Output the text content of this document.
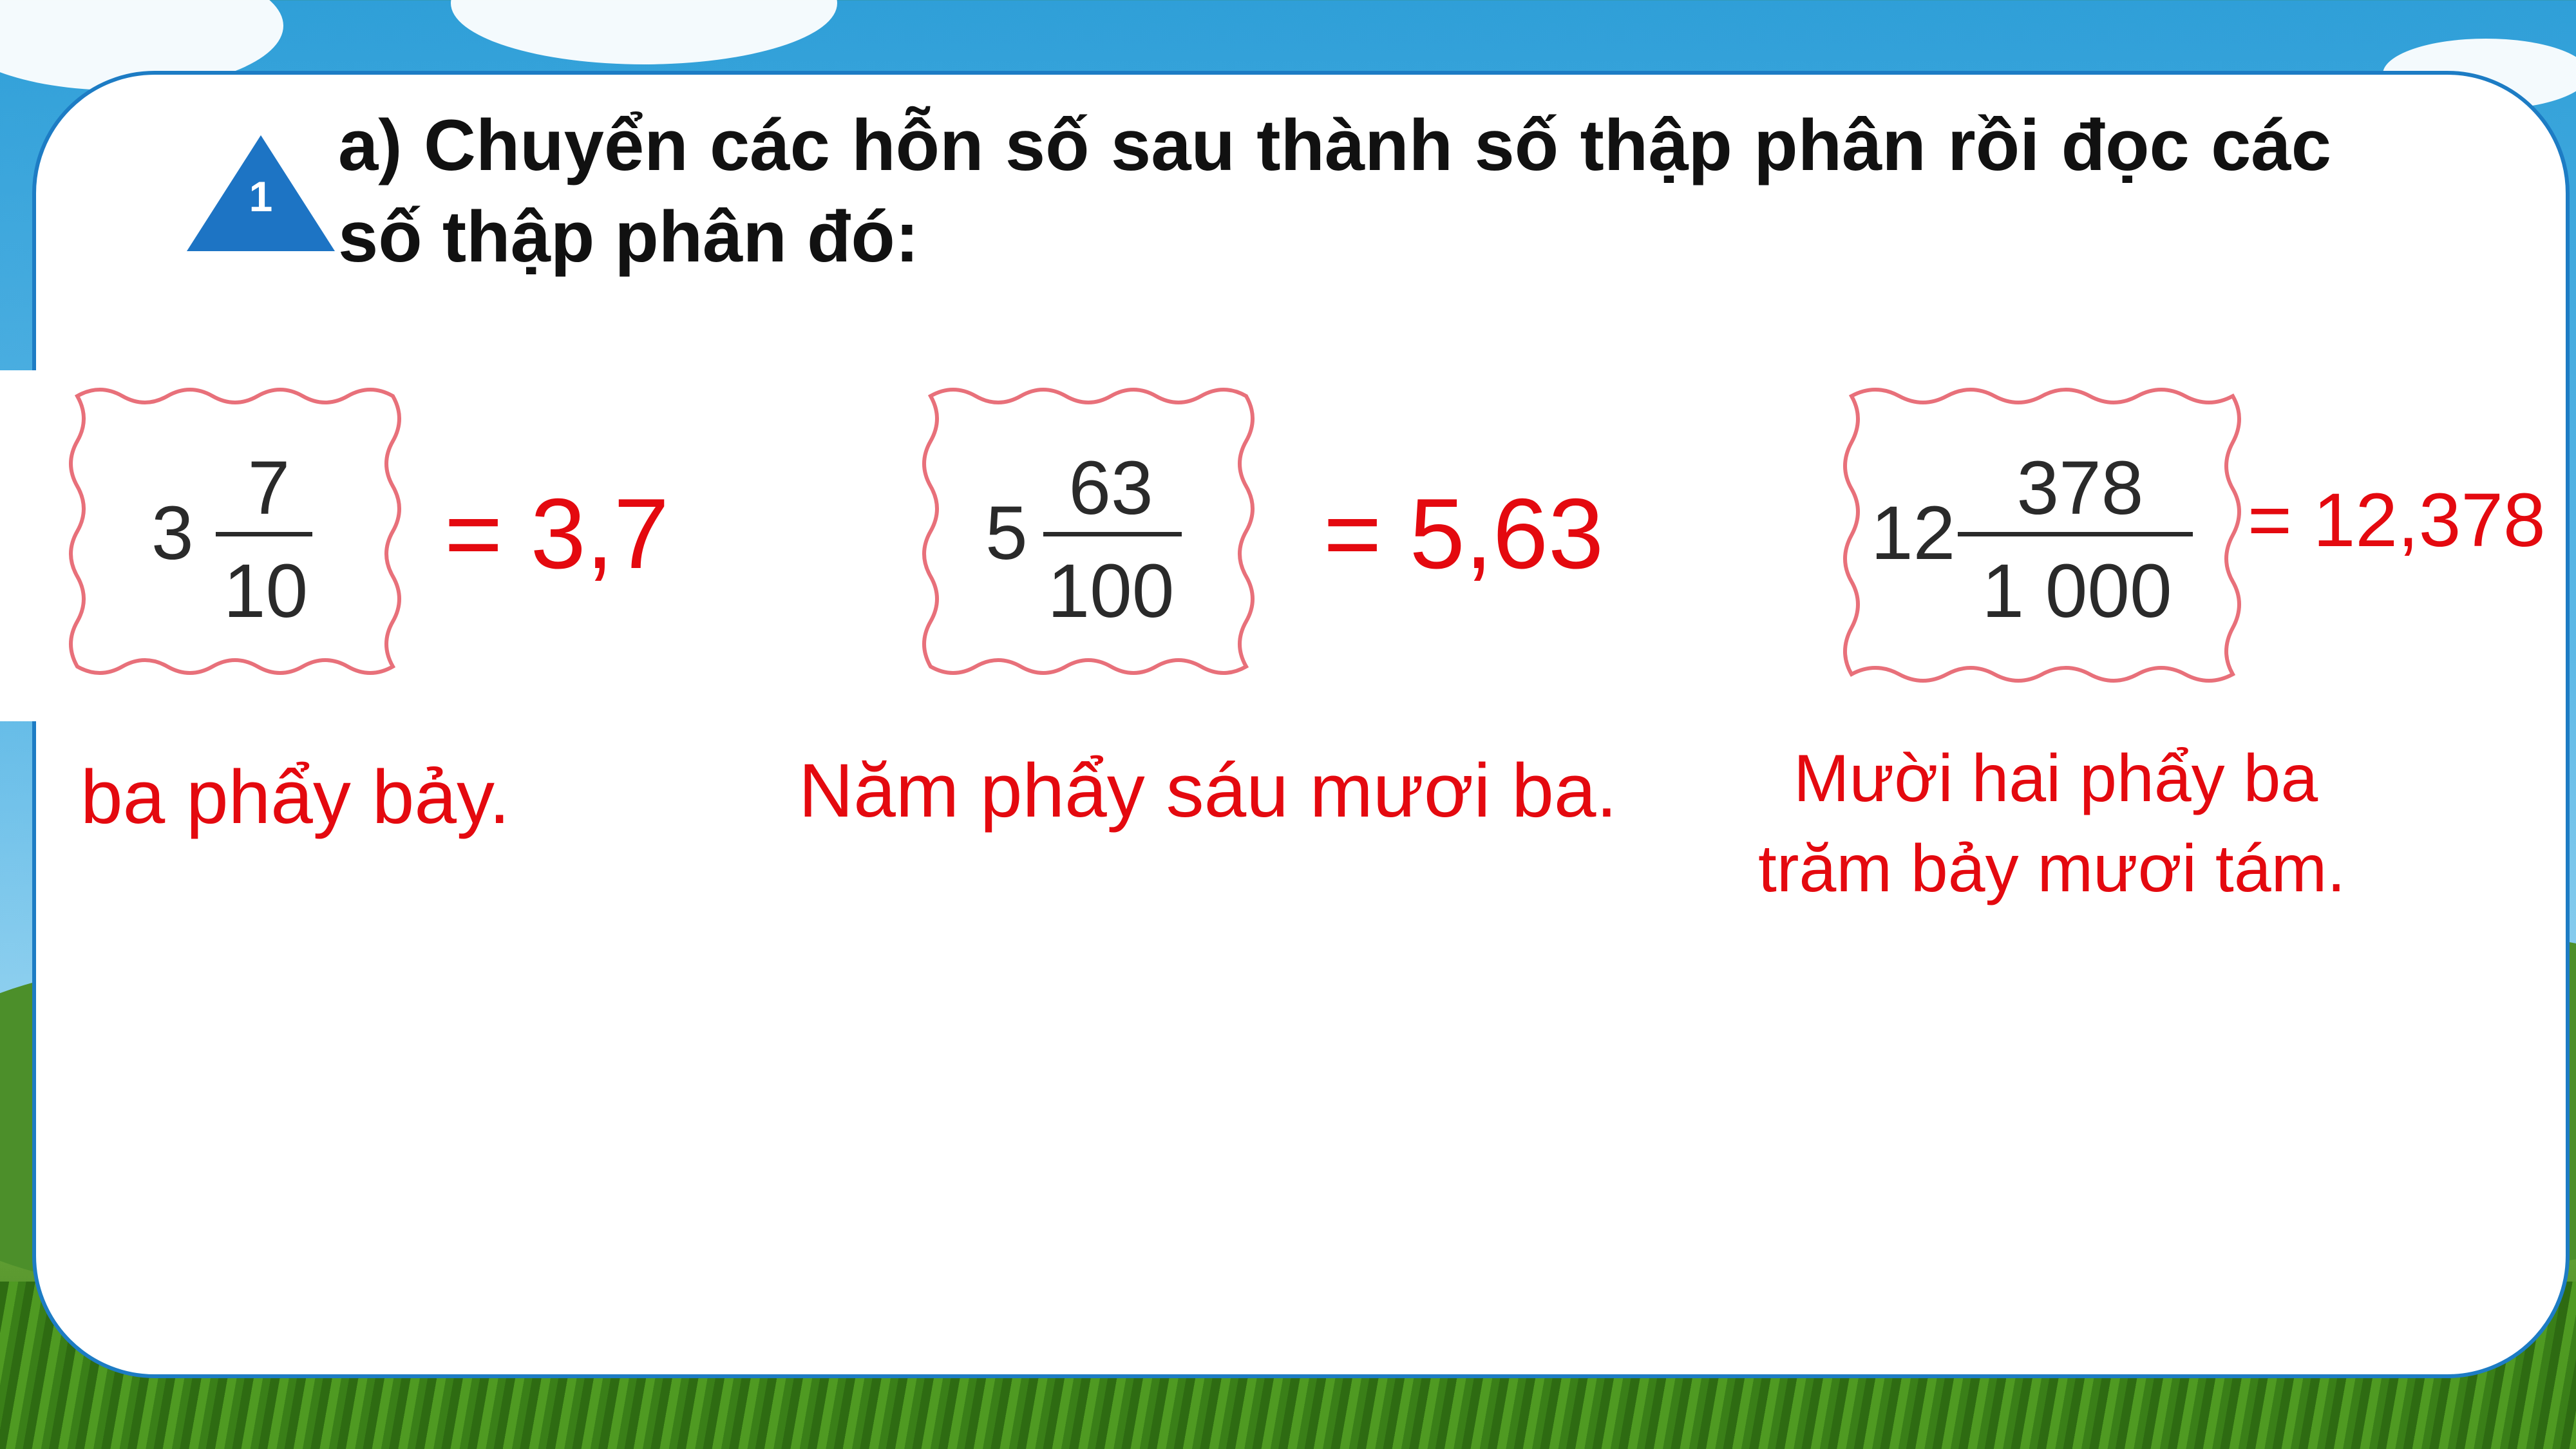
1
a) Chuyển các hỗn số sau thành số thập phân rồi đọc các số thập phân đó:
3
7
10
5
63
100
12
378
1 000
= 3,7	= 5,63	= 12,378
ba phẩy bảy.	Năm phẩy sáu mươi ba.	Mười hai phẩy ba
trăm bảy mươi tám.
